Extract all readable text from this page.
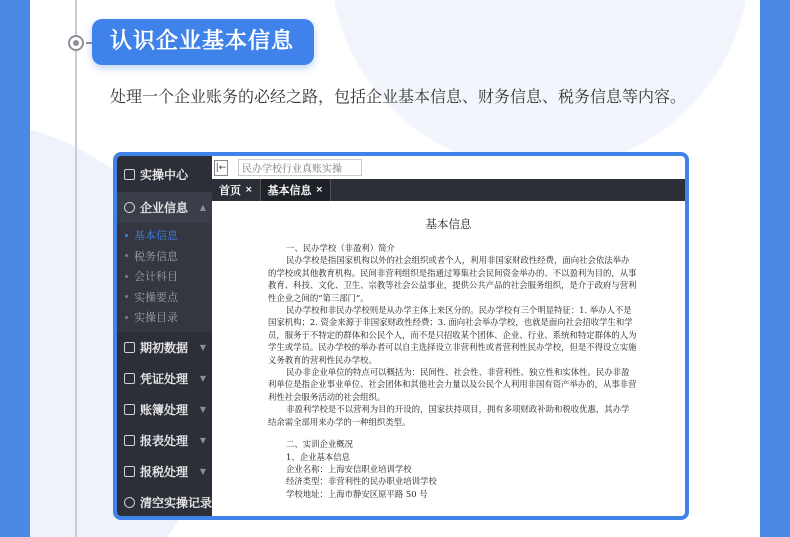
认识企业基本信息
处理一个企业账务的必经之路，包括企业基本信息、财务信息、税务信息等内容。
实操中心
企业信息 ▲
基本信息
税务信息
会计科目
实操要点
实操目录
期初数据 ▼
凭证处理 ▼
账簿处理 ▼
报表处理 ▼
报税处理 ▼
清空实操记录
|←
民办学校行业真账实操
首页 × 基本信息 ×
基本信息

一、民办学校（非盈利）简介

民办学校是指国家机构以外的社会组织或者个人，利用非国家财政性经费，面向社会依法举办的学校或其他教育机构。民间非营利组织是指通过筹集社会民间资金举办的、不以盈利为目的，从事教育、科技、文化、卫生、宗教等社会公益事业，提供公共产品的社会服务组织，是介于政府与营利性企业之间的“第三部门”。

民办学校和非民办学校则是从办学主体上来区分的。民办学校有三个明显特征：1. 举办人不是国家机构；2. 资金来源于非国家财政性经费；3. 面向社会举办学校，也就是面向社会招收学生和学员，服务于不特定的群体和公民个人，而不是只招收某个团体、企业、行业、系统和特定群体的人为学生或学员。民办学校的举办者可以自主选择设立非营利性或者营利性民办学校，但是不得设立实施义务教育的营利性民办学校。

民办非企业单位的特点可以概括为：民间性、社会性、非营利性、独立性和实体性。民办非盈利单位是指企业事业单位、社会团体和其他社会力量以及公民个人利用非国有资产举办的，从事非营利性社会服务活动的社会组织。

非盈利学校是不以营利为目的开设的，国家扶持项目，拥有多项财政补助和税收优惠，其办学结余需全部用来办学的一种组织类型。

二、实训企业概况

1、企业基本信息

企业名称：上海安信职业培训学校

经济类型：非营利性的民办职业培训学校

学校地址：上海市静安区原平路 50 号
